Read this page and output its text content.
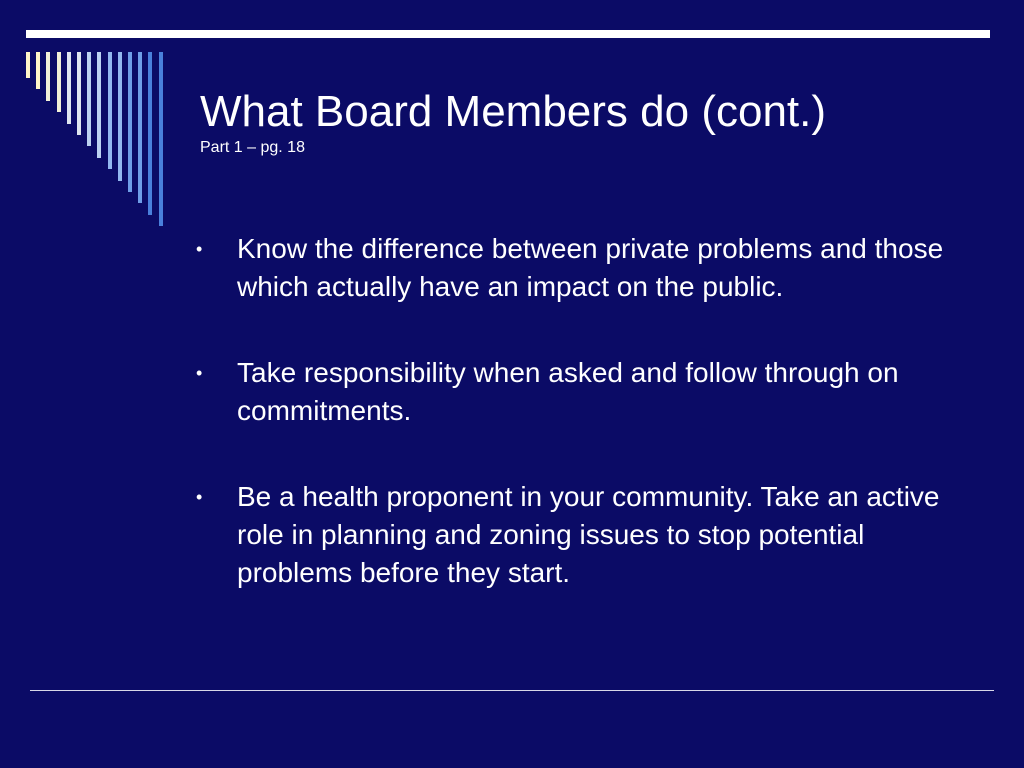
What Board Members do (cont.)

Part 1 – pg. 18

• Know the difference between private problems and those which actually have an impact on the public.
• Take responsibility when asked and follow through on commitments.
• Be a health proponent in your community. Take an active role in planning and zoning issues to stop potential problems before they start.
